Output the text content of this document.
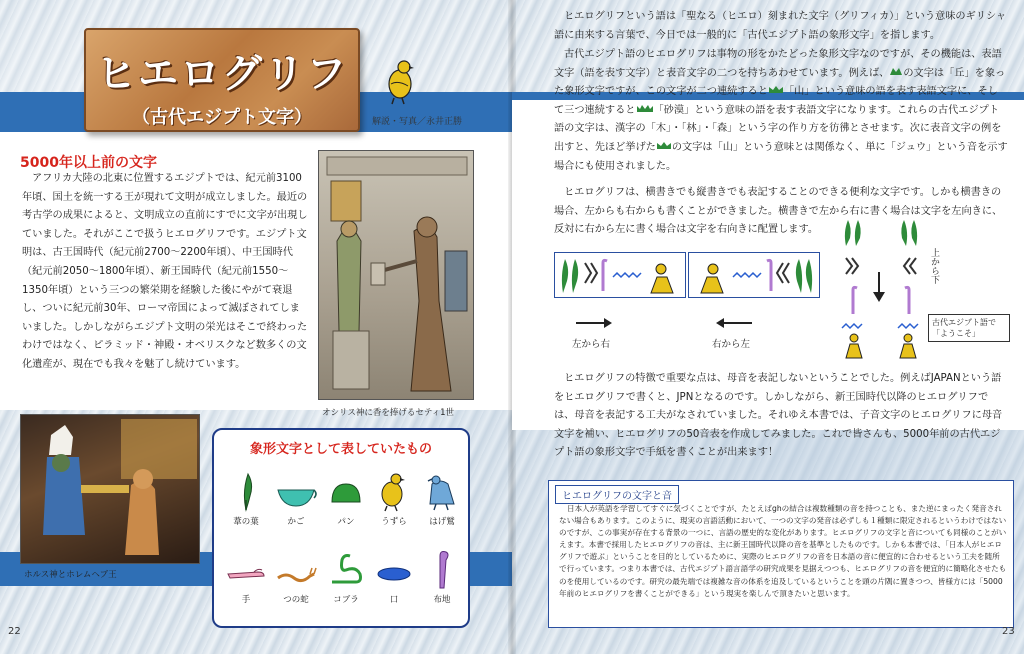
ヒエログリフ
（古代エジプト文字）	解説・写真／永井正勝
5000年以上前の文字

アフリカ大陸の北東に位置するエジプトでは、紀元前3100年頃、国土を統一する王が現れて文明が成立しました。最近の考古学の成果によると、文明成立の直前にすでに文字が出現していました。それがここで扱うヒエログリフです。エジプト文明は、古王国時代（紀元前2700〜2200年頃）、中王国時代（紀元前2050〜1800年頃）、新王国時代（紀元前1550〜1350年頃）という三つの繁栄期を経験した後にやがて衰退し、ついに紀元前30年、ローマ帝国によって滅ぼされてしまいました。しかしながらエジプト文明の栄光はそこで終わったわけではなく、ピラミッド・神殿・オベリスクなど数多くの文化遺産が、現在でも我々を魅了し続けています。

オシリス神に香を捧げるセティ1世
ホルス神とホレムヘブ王
象形文字として表していたもの
葦の葉	かご	パン	うずら	はげ鷲
手	つの蛇	コブラ	口	布地
22

ヒエログリフという語は「聖なる（ヒエロ）刻まれた文字（グリフィカ）」という意味のギリシャ語に由来する言葉で、今日では一般的に「古代エジプト語の象形文字」を指します。

古代エジプト語のヒエログリフは事物の形をかたどった象形文字なのですが、その機能は、表語文字（語を表す文字）と表音文字の二つを持ちあわせています。例えば、 の文字は「丘」を象った象形文字ですが、この文字が二つ連続すると 「山」という意味の語を表す表語文字に、そして三つ連続すると 「砂漠」という意味の語を表す表語文字になります。これらの古代エジプト語の文字は、漢字の「木」・「林」・「森」という字の作り方を彷彿とさせます。次に表音文字の例を出すと、先ほど挙げた の文字は「山」という意味とは関係なく、単に「ジュウ」という音を示す場合にも使用されました。

ヒエログリフは、横書きでも縦書きでも表記することのできる便利な文字です。しかも横書きの場合、左からも右からも書くことができました。横書きで左から右に書く場合は文字を左向きに、反対に右から左に書く場合は文字を右向きに配置します。

左から右	右から左
上から下
古代エジプト語で「ようこそ」

ヒエログリフの特徴で重要な点は、母音を表記しないということでした。例えばJAPANという語をヒエログリフで書くと、JPNとなるのです。しかしながら、新王国時代以降のヒエログリフでは、母音を表記する工夫がなされていました。それゆえ本書では、子音文字のヒエログリフに母音文字を補い、ヒエログリフの50音表を作成してみました。これで皆さんも、5000年前の古代エジプト語の象形文字で手紙を書くことが出来ます！

ヒエログリフの文字と音

日本人が英語を学習してすぐに気づくことですが、たとえばghの結合は複数種類の音を持つことも、また逆にまったく発音されない場合もあります。このように、現実の言語活動において、一つの文字の発音は必ずしも１種類に限定されるというわけではないのですが、この事実が存在する背景の一つに、言語の歴史的な変化があります。ヒエログリフの文字と音についても同様のことがいえます。本書で採用したヒエログリフの音は、主に新王国時代以降の音を基準としたものです。しかも本書では、「日本人がヒエログリフで遊ぶ」ということを目的としているために、実際のヒエログリフの音を日本語の音に便宜的に合わせるという工夫を随所で行っています。つまり本書では、古代エジプト語言語学の研究成果を見据えつつも、ヒエログリフの音を便宜的に簡略化させたものを使用しているのです。研究の最先端では複雑な音の体系を追及しているということを頭の片隅に置きつつ、皆様方には「5000年前のヒエログリフを書くことができる」という現実を楽しんで頂きたいと思います。

23
